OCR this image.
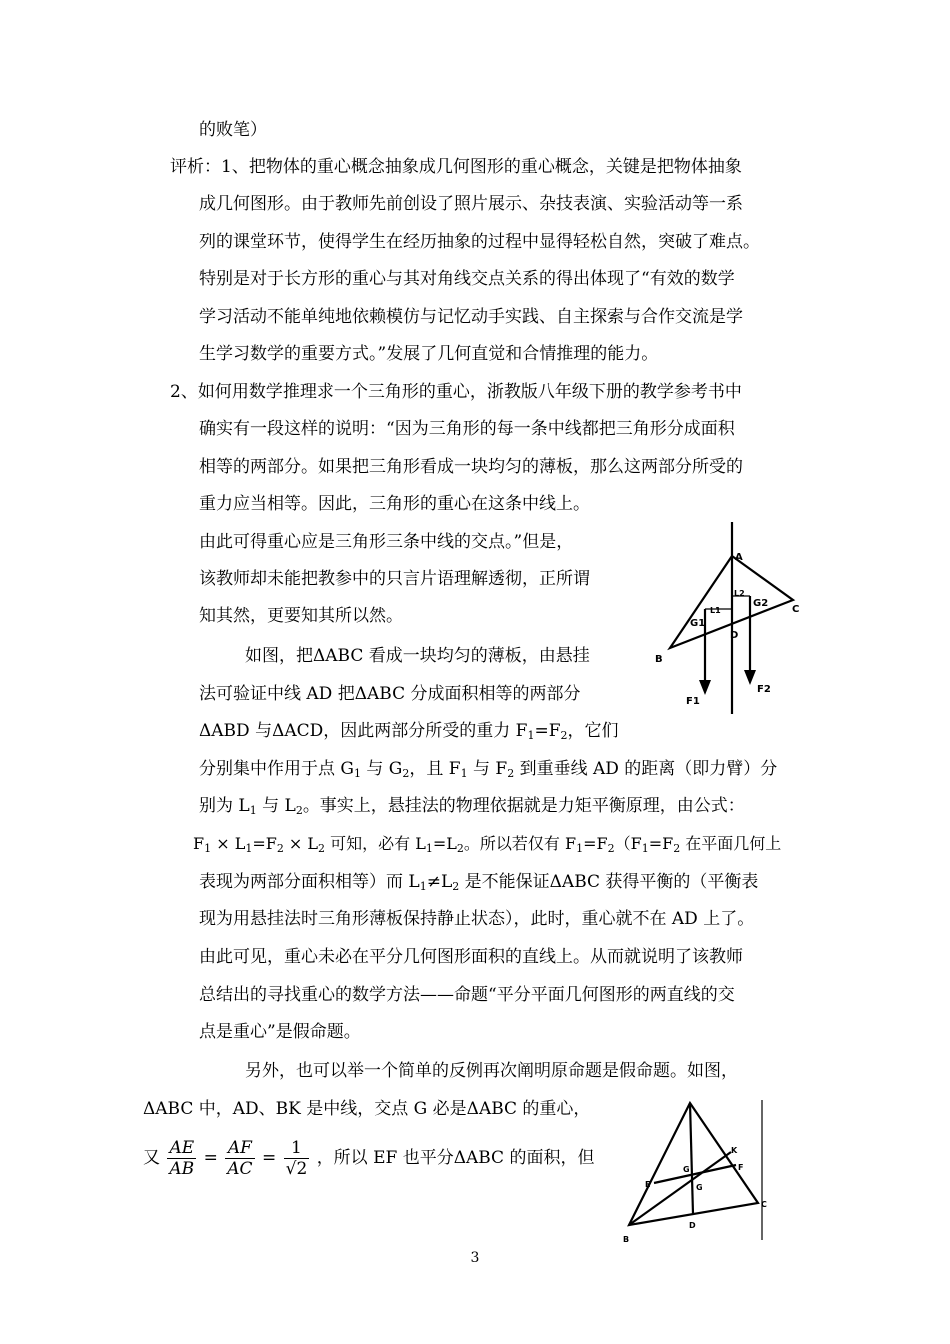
的败笔）
评析：1、把物体的重心概念抽象成几何图形的重心概念，关键是把物体抽象
成几何图形。由于教师先前创设了照片展示、杂技表演、实验活动等一系
列的课堂环节，使得学生在经历抽象的过程中显得轻松自然，突破了难点。
特别是对于长方形的重心与其对角线交点关系的得出体现了“有效的数学
学习活动不能单纯地依赖模仿与记忆动手实践、自主探索与合作交流是学
生学习数学的重要方式。”发展了几何直觉和合情推理的能力。
2、如何用数学推理求一个三角形的重心，浙教版八年级下册的教学参考书中
确实有一段这样的说明：“因为三角形的每一条中线都把三角形分成面积
相等的两部分。如果把三角形看成一块均匀的薄板，那么这两部分所受的
重力应当相等。因此，三角形的重心在这条中线上。
由此可得重心应是三角形三条中线的交点。”但是，
该教师却未能把教参中的只言片语理解透彻，正所谓
知其然，更要知其所以然。
如图，把ΔABC 看成一块均匀的薄板，由悬挂
法可验证中线 AD 把ΔABC 分成面积相等的两部分
ΔABD 与ΔACD，因此两部分所受的重力 $F_1=F_2$，它们
分别集中作用于点 $G_1$ 与 $G_2$，且 $F_1$ 与 $F_2$ 到重垂线 AD 的距离（即力臂）分
别为 $L_1$ 与 $L_2$。事实上，悬挂法的物理依据就是力矩平衡原理，由公式：
$F_1 \times L_1=F_2 \times L_2$ 可知，必有 $L_1=L_2$。所以若仅有 $F_1=F_2(F_1=F_2$ 在平面几何上
表现为两部分面积相等）而 $L_1\ne L_2$ 是不能保证ΔABC 获得平衡的（平衡表
现为用悬挂法时三角形薄板保持静止状态），此时，重心就不在 AD 上了。
由此可见，重心未必在平分几何图形面积的直线上。从而就说明了该教师
总结出的寻找重心的数学方法——命题“平分平面几何图形的两直线的交
点是重心”是假命题。
另外，也可以举一个简单的反例再次阐明原命题是假命题。如图，
ΔABC 中，AD、BK 是中线，交点 G 必是ΔABC 的重心，
又 $\frac{AE}{AB} = \frac{AF}{AC} = \frac{1}{√2}$ ，所以 EF 也平分ΔABC 的面积，但
A
B
C
D
G1
G2
L1
L2
F1
F2
B
C
D
E
F
G
G
K
3
